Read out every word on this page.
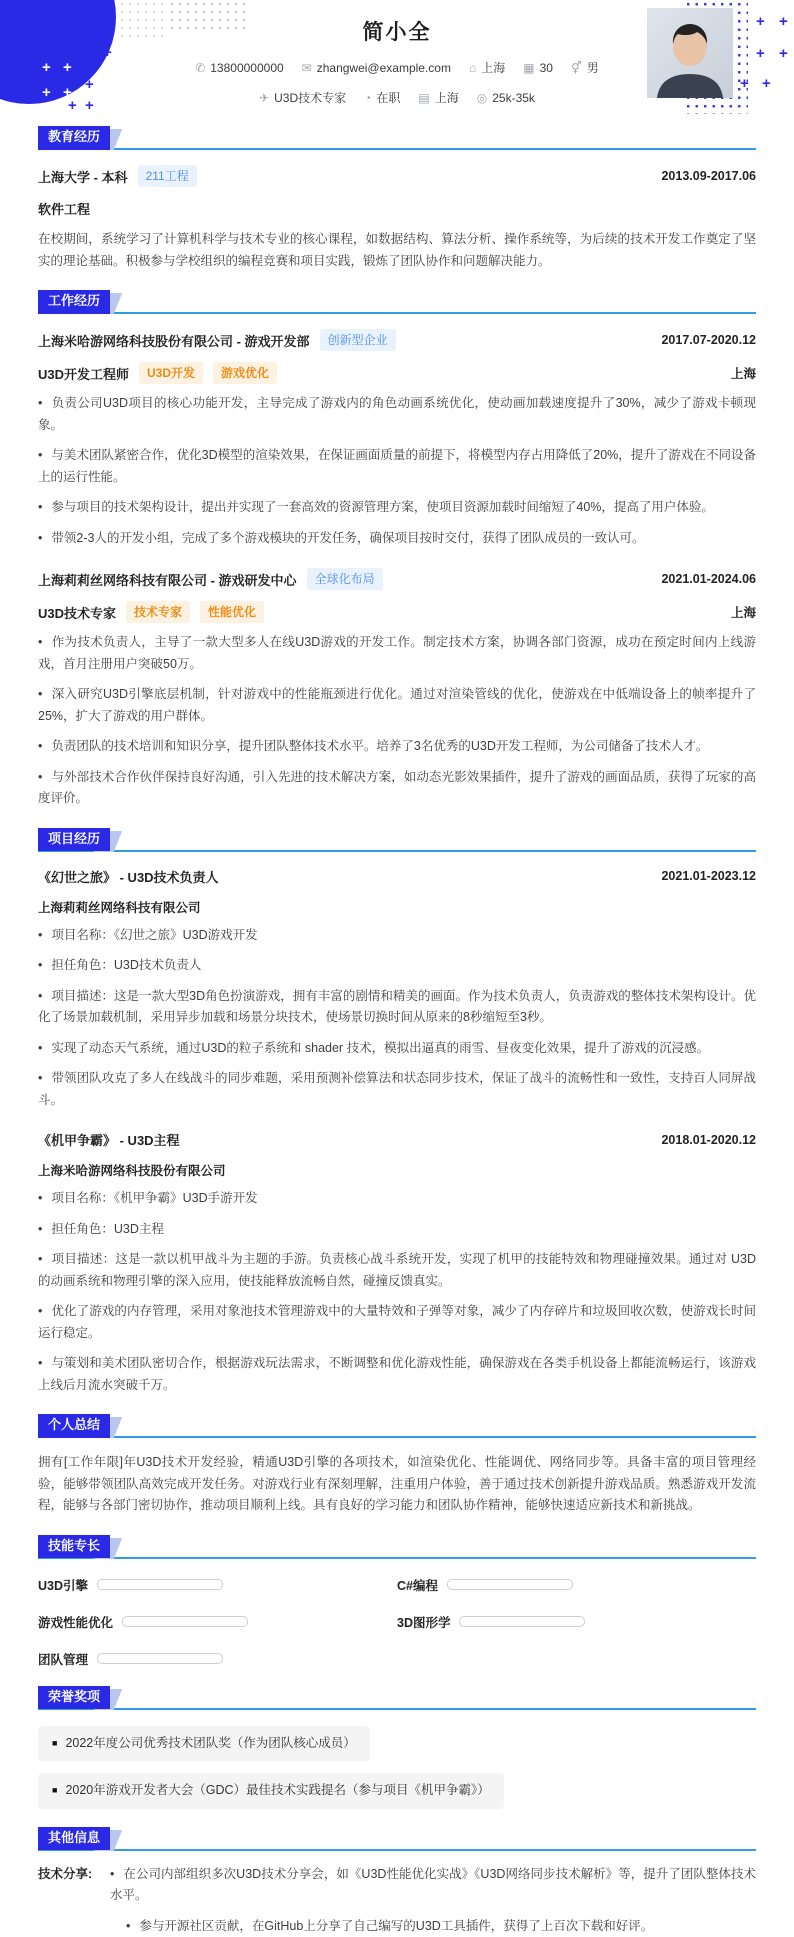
+
+
+
+
+
+
+
+
+
+
+
+
+
+
+
+
简小全
✆ 13800000000 ✉ zhangwei@example.com ⌂ 上海 ▦ 30 ⚥ 男
✈ U3D技术专家 ◔ 在职 ▤ 上海 ◎ 25k-35k
教育经历
上海大学 - 本科	211工程	2013.09-2017.06
软件工程

在校期间，系统学习了计算机科学与技术专业的核心课程，如数据结构、算法分析、操作系统等，为后续的技术开发工作奠定了坚实的理论基础。积极参与学校组织的编程竞赛和项目实践，锻炼了团队协作和问题解决能力。

工作经历
上海米哈游网络科技股份有限公司 - 游戏开发部	创新型企业	2017.07-2020.12
U3D开发工程师	U3D开发	游戏优化	上海

• 负责公司U3D项目的核心功能开发，主导完成了游戏内的角色动画系统优化，使动画加载速度提升了30%，减少了游戏卡顿现象。

• 与美术团队紧密合作，优化3D模型的渲染效果，在保证画面质量的前提下，将模型内存占用降低了20%，提升了游戏在不同设备上的运行性能。

• 参与项目的技术架构设计，提出并实现了一套高效的资源管理方案，使项目资源加载时间缩短了40%，提高了用户体验。

• 带领2-3人的开发小组，完成了多个游戏模块的开发任务，确保项目按时交付，获得了团队成员的一致认可。

上海莉莉丝网络科技有限公司 - 游戏研发中心	全球化布局	2021.01-2024.06
U3D技术专家	技术专家	性能优化	上海

• 作为技术负责人，主导了一款大型多人在线U3D游戏的开发工作。制定技术方案，协调各部门资源，成功在预定时间内上线游戏，首月注册用户突破50万。

• 深入研究U3D引擎底层机制，针对游戏中的性能瓶颈进行优化。通过对渲染管线的优化，使游戏在中低端设备上的帧率提升了25%，扩大了游戏的用户群体。

• 负责团队的技术培训和知识分享，提升团队整体技术水平。培养了3名优秀的U3D开发工程师，为公司储备了技术人才。

• 与外部技术合作伙伴保持良好沟通，引入先进的技术解决方案，如动态光影效果插件，提升了游戏的画面品质，获得了玩家的高度评价。

项目经历
《幻世之旅》 - U3D技术负责人	2021.01-2023.12
上海莉莉丝网络科技有限公司

• 项目名称：《幻世之旅》U3D游戏开发

• 担任角色：U3D技术负责人

• 项目描述：这是一款大型3D角色扮演游戏，拥有丰富的剧情和精美的画面。作为技术负责人，负责游戏的整体技术架构设计。优化了场景加载机制，采用异步加载和场景分块技术，使场景切换时间从原来的8秒缩短至3秒。

• 实现了动态天气系统，通过U3D的粒子系统和 shader 技术，模拟出逼真的雨雪、昼夜变化效果，提升了游戏的沉浸感。

• 带领团队攻克了多人在线战斗的同步难题，采用预测补偿算法和状态同步技术，保证了战斗的流畅性和一致性，支持百人同屏战斗。

《机甲争霸》 - U3D主程	2018.01-2020.12
上海米哈游网络科技股份有限公司

• 项目名称：《机甲争霸》U3D手游开发

• 担任角色：U3D主程

• 项目描述：这是一款以机甲战斗为主题的手游。负责核心战斗系统开发，实现了机甲的技能特效和物理碰撞效果。通过对 U3D 的动画系统和物理引擎的深入应用，使技能释放流畅自然，碰撞反馈真实。

• 优化了游戏的内存管理，采用对象池技术管理游戏中的大量特效和子弹等对象，减少了内存碎片和垃圾回收次数，使游戏长时间运行稳定。

• 与策划和美术团队密切合作，根据游戏玩法需求，不断调整和优化游戏性能，确保游戏在各类手机设备上都能流畅运行，该游戏上线后月流水突破千万。

个人总结

拥有[工作年限]年U3D技术开发经验，精通U3D引擎的各项技术，如渲染优化、性能调优、网络同步等。具备丰富的项目管理经验，能够带领团队高效完成开发任务。对游戏行业有深刻理解，注重用户体验，善于通过技术创新提升游戏品质。熟悉游戏开发流程，能够与各部门密切协作，推动项目顺利上线。具有良好的学习能力和团队协作精神，能够快速适应新技术和新挑战。

技能专长
U3D引擎	C#编程
游戏性能优化	3D图形学
团队管理
荣誉奖项
■ 2022年度公司优秀技术团队奖（作为团队核心成员）
■ 2020年游戏开发者大会（GDC）最佳技术实践提名（参与项目《机甲争霸》）
其他信息
技术分享:	• 在公司内部组织多次U3D技术分享会，如《U3D性能优化实战》《U3D网络同步技术解析》等，提升了团队整体技术水平。

• 参与开源社区贡献，在GitHub上分享了自己编写的U3D工具插件，获得了上百次下载和好评。
